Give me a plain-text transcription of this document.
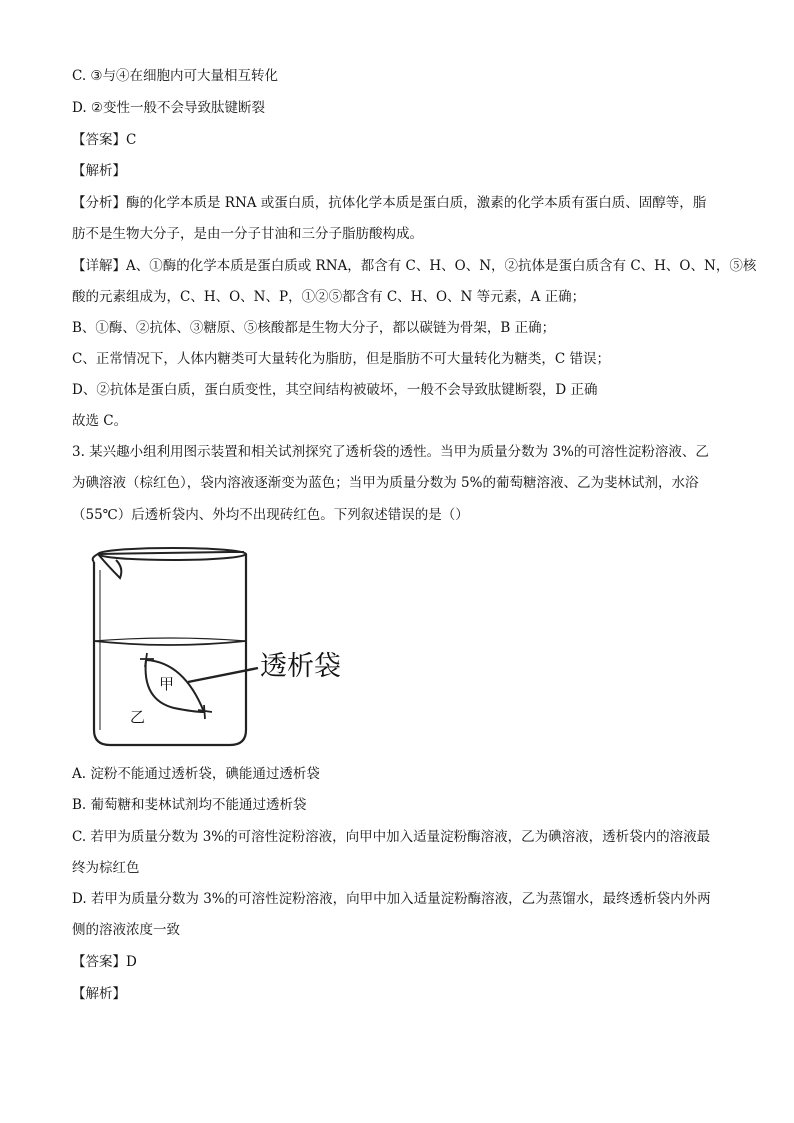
C. ③与④在细胞内可大量相互转化
D. ②变性一般不会导致肽键断裂
【答案】C
【解析】
【分析】酶的化学本质是 RNA 或蛋白质，抗体化学本质是蛋白质，激素的化学本质有蛋白质、固醇等，脂
肪不是生物大分子，是由一分子甘油和三分子脂肪酸构成。
【详解】A、①酶的化学本质是蛋白质或 RNA，都含有 C、H、O、N，②抗体是蛋白质含有 C、H、O、N，⑤核
酸的元素组成为，C、H、O、N、P，①②⑤都含有 C、H、O、N 等元素，A 正确；
B、①酶、②抗体、③糖原、⑤核酸都是生物大分子，都以碳链为骨架，B 正确；
C、正常情况下，人体内糖类可大量转化为脂肪，但是脂肪不可大量转化为糖类，C 错误；
D、②抗体是蛋白质，蛋白质变性，其空间结构被破坏，一般不会导致肽键断裂，D 正确
故选 C。
3. 某兴趣小组利用图示装置和相关试剂探究了透析袋的透性。当甲为质量分数为 3%的可溶性淀粉溶液、乙
为碘溶液（棕红色），袋内溶液逐渐变为蓝色；当甲为质量分数为 5%的葡萄糖溶液、乙为斐林试剂，水浴
（55℃）后透析袋内、外均不出现砖红色。下列叙述错误的是（）
透析袋
甲
乙
A. 淀粉不能通过透析袋，碘能通过透析袋
B. 葡萄糖和斐林试剂均不能通过透析袋
C. 若甲为质量分数为 3%的可溶性淀粉溶液，向甲中加入适量淀粉酶溶液，乙为碘溶液，透析袋内的溶液最
终为棕红色
D. 若甲为质量分数为 3%的可溶性淀粉溶液，向甲中加入适量淀粉酶溶液，乙为蒸馏水，最终透析袋内外两
侧的溶液浓度一致
【答案】D
【解析】
